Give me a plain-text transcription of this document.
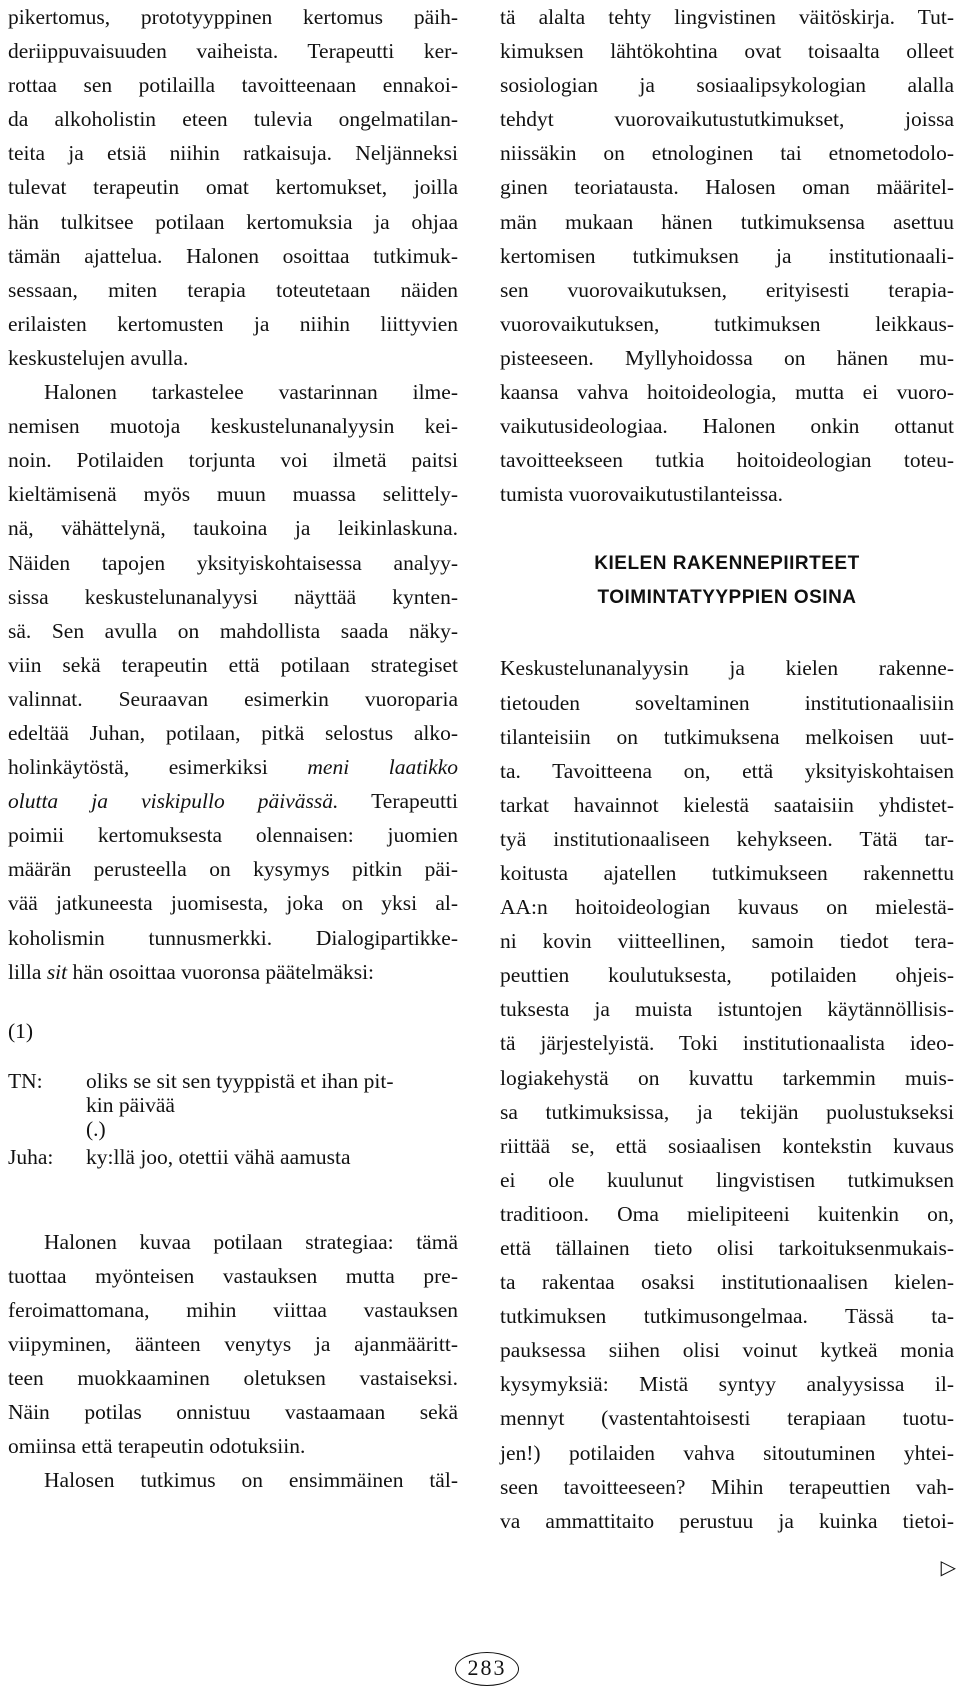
pikertomus, prototyyppinen kertomus päih-
deriippuvaisuuden vaiheista. Terapeutti ker-
rottaa sen potilailla tavoitteenaan ennakoi-
da alkoholistin eteen tulevia ongelmatilan-
teita ja etsiä niihin ratkaisuja. Neljänneksi
tulevat terapeutin omat kertomukset, joilla
hän tulkitsee potilaan kertomuksia ja ohjaa
tämän ajattelua. Halonen osoittaa tutkimuk-
sessaan, miten terapia toteutetaan näiden
erilaisten kertomusten ja niihin liittyvien
keskustelujen avulla.
Halonen tarkastelee vastarinnan ilme-
nemisen muotoja keskustelunanalyysin kei-
noin. Potilaiden torjunta voi ilmetä paitsi
kieltämisenä myös muun muassa selittely-
nä, vähättelynä, taukoina ja leikinlaskuna.
Näiden tapojen yksityiskohtaisessa analyy-
sissa keskustelunanalyysi näyttää kynten-
sä. Sen avulla on mahdollista saada näky-
viin sekä terapeutin että potilaan strategiset
valinnat. Seuraavan esimerkin vuoroparia
edeltää Juhan, potilaan, pitkä selostus alko-
holinkäytöstä, esimerkiksi meni laatikko
olutta ja viskipullo päivässä. Terapeutti
poimii kertomuksesta olennaisen: juomien
määrän perusteella on kysymys pitkin päi-
vää jatkuneesta juomisesta, joka on yksi al-
koholismin tunnusmerkki. Dialogipartikke-
lilla sit hän osoittaa vuoronsa päätelmäksi:
(1)
TN:	oliks se sit sen tyyppistä et ihan pit-
kin päivää
(.)
Juha:	ky:llä joo, otettii vähä aamusta
Halonen kuvaa potilaan strategiaa: tämä
tuottaa myönteisen vastauksen mutta pre-
feroimattomana, mihin viittaa vastauksen
viipyminen, äänteen venytys ja ajanmääritt-
teen muokkaaminen oletuksen vastaiseksi.
Näin potilas onnistuu vastaamaan sekä
omiinsa että terapeutin odotuksiin.
Halosen tutkimus on ensimmäinen täl-
tä alalta tehty lingvistinen väitöskirja. Tut-
kimuksen lähtökohtina ovat toisaalta olleet
sosiologian ja sosiaalipsykologian alalla
tehdyt vuorovaikutustutkimukset, joissa
niissäkin on etnologinen tai etnometodolo-
ginen teoriatausta. Halosen oman määritel-
män mukaan hänen tutkimuksensa asettuu
kertomisen tutkimuksen ja institutionaali-
sen vuorovaikutuksen, erityisesti terapia-
vuorovaikutuksen, tutkimuksen leikkaus-
pisteeseen. Myllyhoidossa on hänen mu-
kaansa vahva hoitoideologia, mutta ei vuoro-
vaikutusideologiaa. Halonen onkin ottanut
tavoitteekseen tutkia hoitoideologian toteu-
tumista vuorovaikutustilanteissa.
KIELEN RAKENNEPIIRTEET
TOIMINTATYYPPIEN OSINA
Keskustelunanalyysin ja kielen rakenne-
tietouden soveltaminen institutionaalisiin
tilanteisiin on tutkimuksena melkoisen uut-
ta. Tavoitteena on, että yksityiskohtaisen
tarkat havainnot kielestä saataisiin yhdistet-
tyä institutionaaliseen kehykseen. Tätä tar-
koitusta ajatellen tutkimukseen rakennettu
AA:n hoitoideologian kuvaus on mielestä-
ni kovin viitteellinen, samoin tiedot tera-
peuttien koulutuksesta, potilaiden ohjeis-
tuksesta ja muista istuntojen käytännöllisis-
tä järjestelyistä. Toki institutionaalista ideo-
logiakehystä on kuvattu tarkemmin muis-
sa tutkimuksissa, ja tekijän puolustukseksi
riittää se, että sosiaalisen kontekstin kuvaus
ei ole kuulunut lingvistisen tutkimuksen
traditioon. Oma mielipiteeni kuitenkin on,
että tällainen tieto olisi tarkoituksenmukais-
ta rakentaa osaksi institutionaalisen kielen-
tutkimuksen tutkimusongelmaa. Tässä ta-
pauksessa siihen olisi voinut kytkeä monia
kysymyksiä: Mistä syntyy analyysissa il-
mennyt (vastentahtoisesti terapiaan tuotu-
jen!) potilaiden vahva sitoutuminen yhtei-
seen tavoitteeseen? Mihin terapeuttien vah-
va ammattitaito perustuu ja kuinka tietoi-
▷
283
